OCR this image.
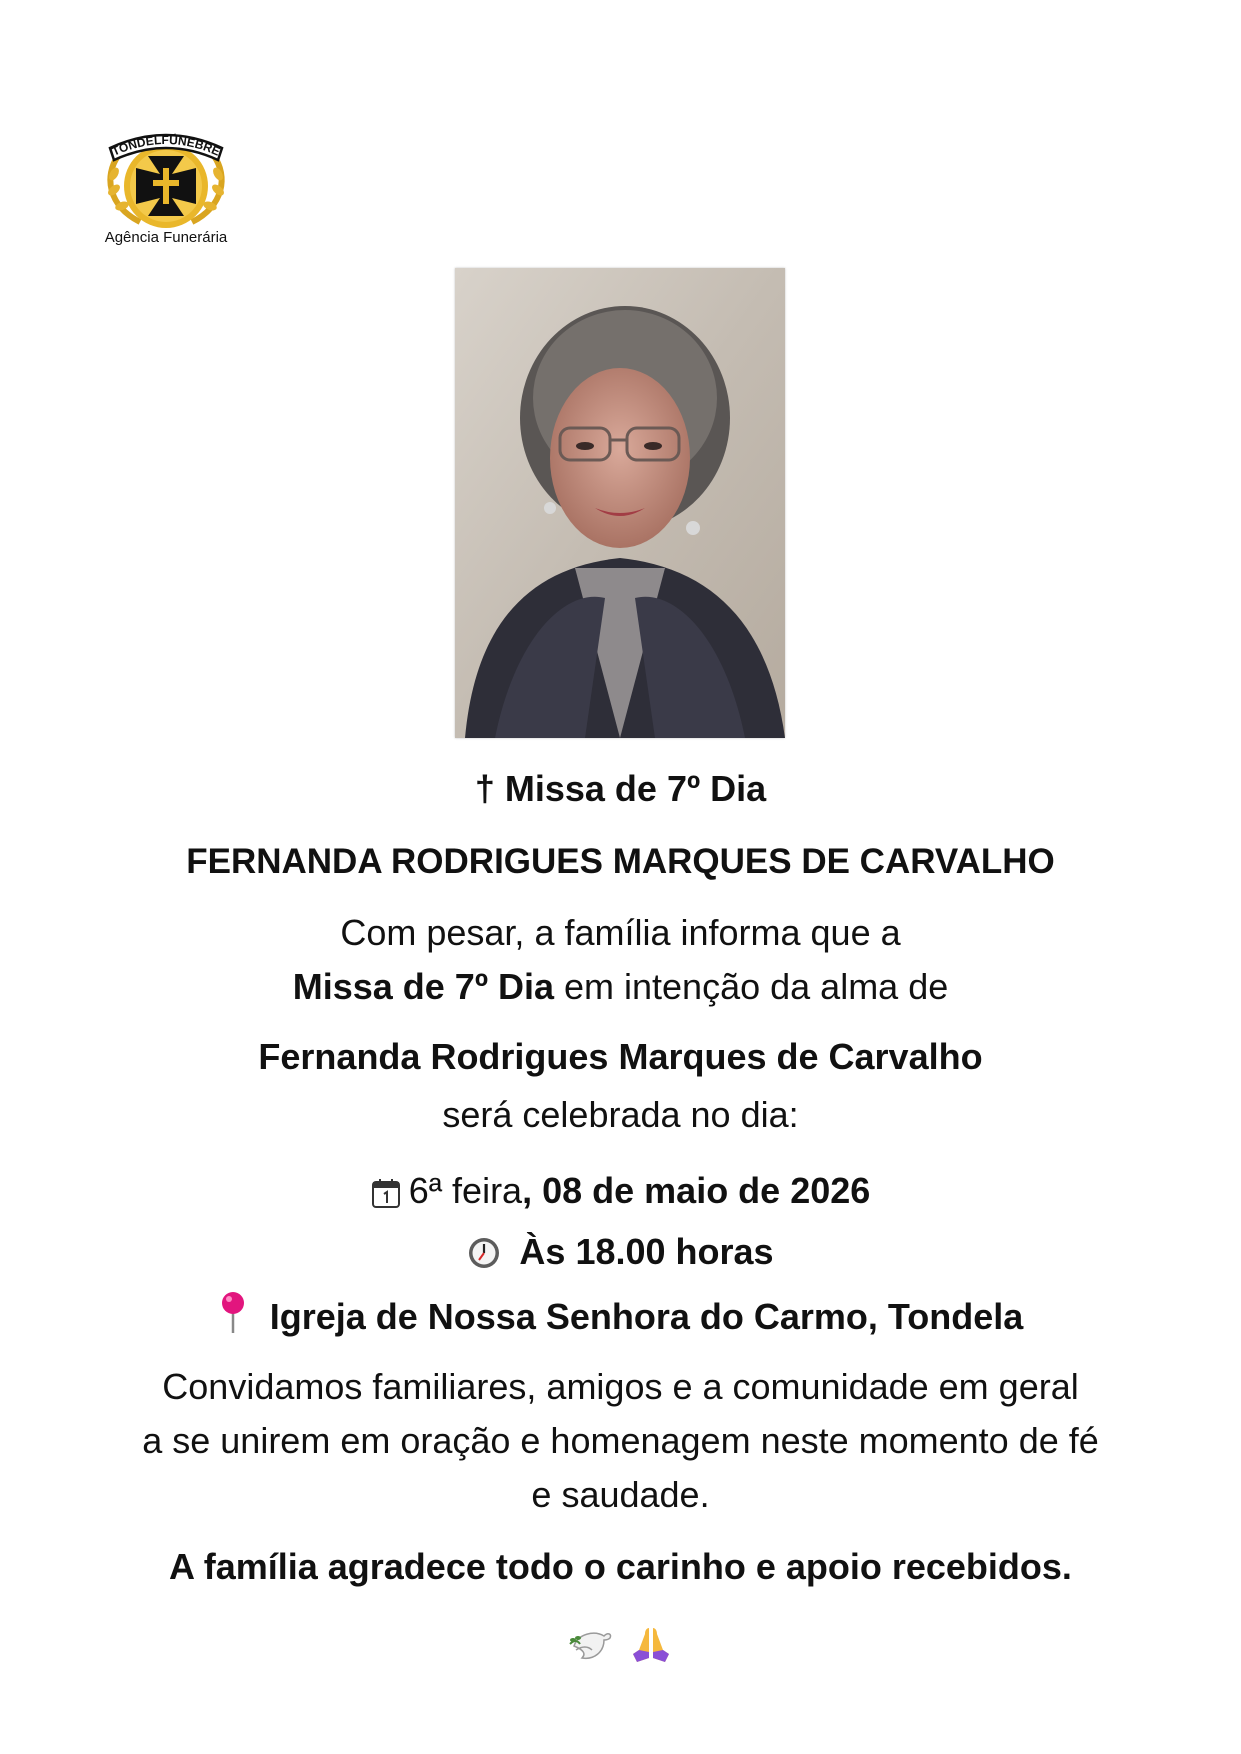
TONDELFÚNEBRE
Agência Funerária
† Missa de 7º Dia
FERNANDA RODRIGUES MARQUES DE CARVALHO
Com pesar, a família informa que a
Missa de 7º Dia em intenção da alma de
Fernanda Rodrigues Marques de Carvalho
será celebrada no dia:
6ª feira, 08 de maio de 2026
Às 18.00 horas
Igreja de Nossa Senhora do Carmo, Tondela
Convidamos familiares, amigos e a comunidade em geral
a se unirem em oração e homenagem neste momento de fé
e saudade.
A família agradece todo o carinho e apoio recebidos.
